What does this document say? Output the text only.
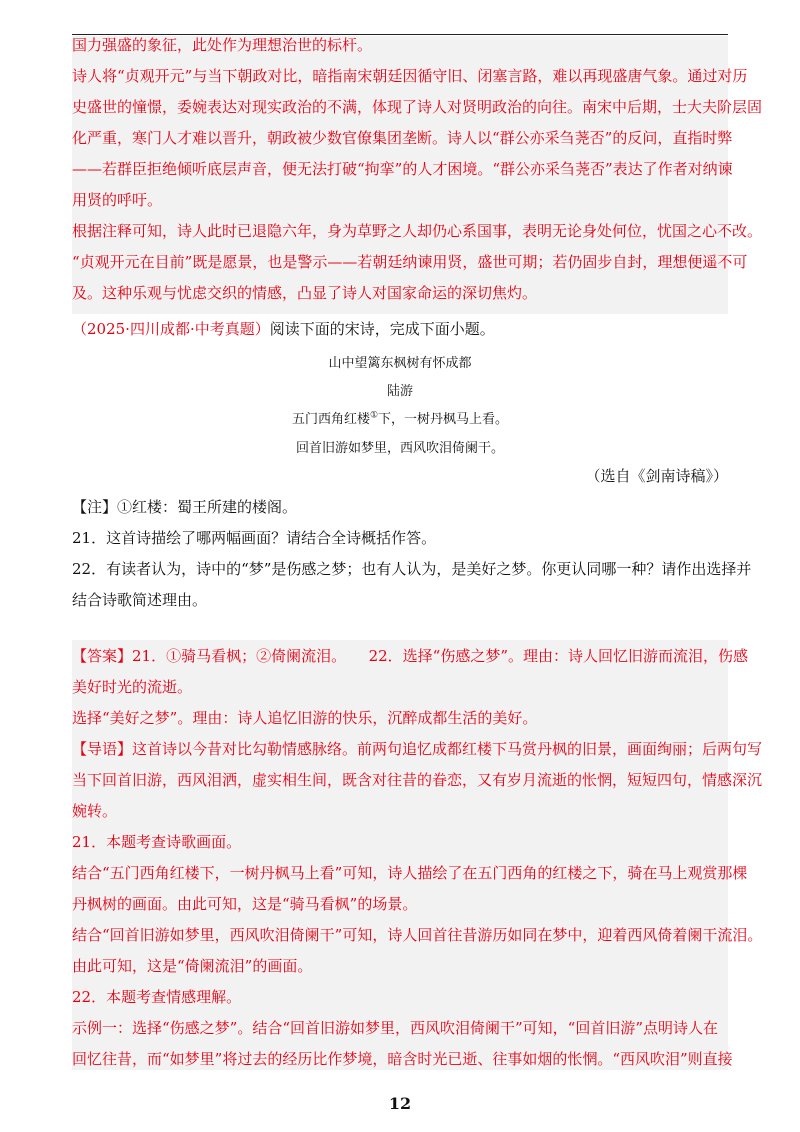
国力强盛的象征，此处作为理想治世的标杆。

诗人将“贞观开元”与当下朝政对比，暗指南宋朝廷因循守旧、闭塞言路，难以再现盛唐气象。通过对历

史盛世的憧憬，委婉表达对现实政治的不满，体现了诗人对贤明政治的向往。南宋中后期，士大夫阶层固

化严重，寒门人才难以晋升，朝政被少数官僚集团垄断。诗人以“群公亦采刍荛否”的反问，直指时弊

——若群臣拒绝倾听底层声音，便无法打破“拘挛”的人才困境。“群公亦采刍荛否”表达了作者对纳谏

用贤的呼吁。

根据注释可知，诗人此时已退隐六年，身为草野之人却仍心系国事，表明无论身处何位，忧国之心不改。

“贞观开元在目前”既是愿景，也是警示——若朝廷纳谏用贤，盛世可期；若仍固步自封，理想便遥不可

及。这种乐观与忧虑交织的情感，凸显了诗人对国家命运的深切焦灼。

（2025·四川成都·中考真题）阅读下面的宋诗，完成下面小题。

山中望篱东枫树有怀成都
陆游
五门西角红楼①下，一树丹枫马上看。
回首旧游如梦里，西风吹泪倚阑干。
（选自《剑南诗稿》）

【注】①红楼：蜀王所建的楼阁。

21．这首诗描绘了哪两幅画面？请结合全诗概括作答。

22．有读者认为，诗中的“梦”是伤感之梦；也有人认为，是美好之梦。你更认同哪一种？请作出选择并

结合诗歌简述理由。

【答案】21．①骑马看枫；②倚阑流泪。　　22．选择“伤感之梦”。理由：诗人回忆旧游而流泪，伤感

美好时光的流逝。

选择“美好之梦”。理由：诗人追忆旧游的快乐，沉醉成都生活的美好。

【导语】这首诗以今昔对比勾勒情感脉络。前两句追忆成都红楼下马赏丹枫的旧景，画面绚丽；后两句写

当下回首旧游，西风泪洒，虚实相生间，既含对往昔的眷恋，又有岁月流逝的怅惘，短短四句，情感深沉

婉转。

21．本题考查诗歌画面。

结合“五门西角红楼下，一树丹枫马上看”可知，诗人描绘了在五门西角的红楼之下，骑在马上观赏那棵

丹枫树的画面。由此可知，这是“骑马看枫”的场景。

结合“回首旧游如梦里，西风吹泪倚阑干”可知，诗人回首往昔游历如同在梦中，迎着西风倚着阑干流泪。

由此可知，这是“倚阑流泪”的画面。

22．本题考查情感理解。

示例一：选择“伤感之梦”。结合“回首旧游如梦里，西风吹泪倚阑干”可知，“回首旧游”点明诗人在

回忆往昔，而“如梦里”将过去的经历比作梦境，暗含时光已逝、往事如烟的怅惘。“西风吹泪”则直接

12
